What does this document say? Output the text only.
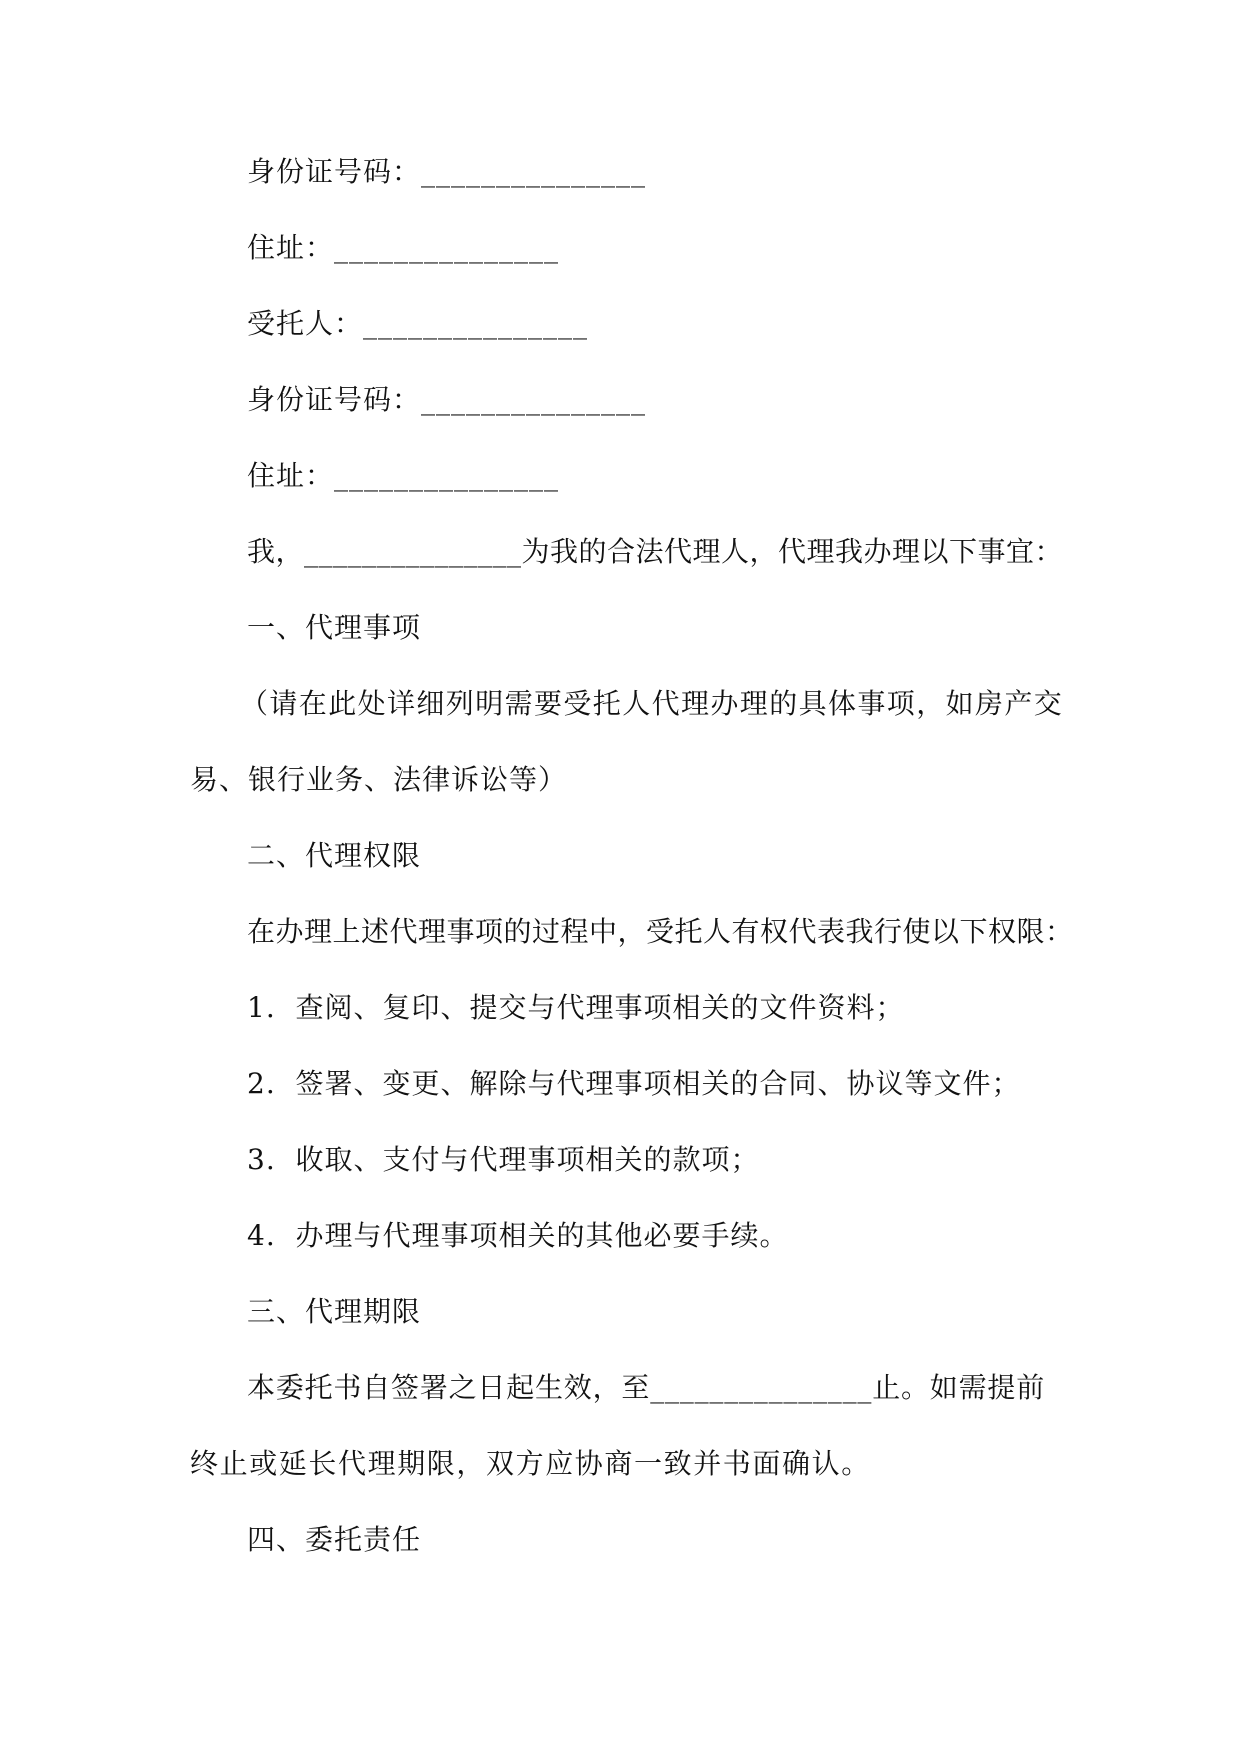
身份证号码：_______________
住址：_______________
受托人：_______________
身份证号码：_______________
住址：_______________
我，_______________为我的合法代理人，代理我办理以下事宜：
一、代理事项
（请在此处详细列明需要受托人代理办理的具体事项，如房产交
易、银行业务、法律诉讼等）
二、代理权限
在办理上述代理事项的过程中，受托人有权代表我行使以下权限：
1.  查阅、复印、提交与代理事项相关的文件资料；
2.  签署、变更、解除与代理事项相关的合同、协议等文件；
3.  收取、支付与代理事项相关的款项；
4.  办理与代理事项相关的其他必要手续。
三、代理期限
本委托书自签署之日起生效，至_______________止。如需提前
终止或延长代理期限，双方应协商一致并书面确认。
四、委托责任
